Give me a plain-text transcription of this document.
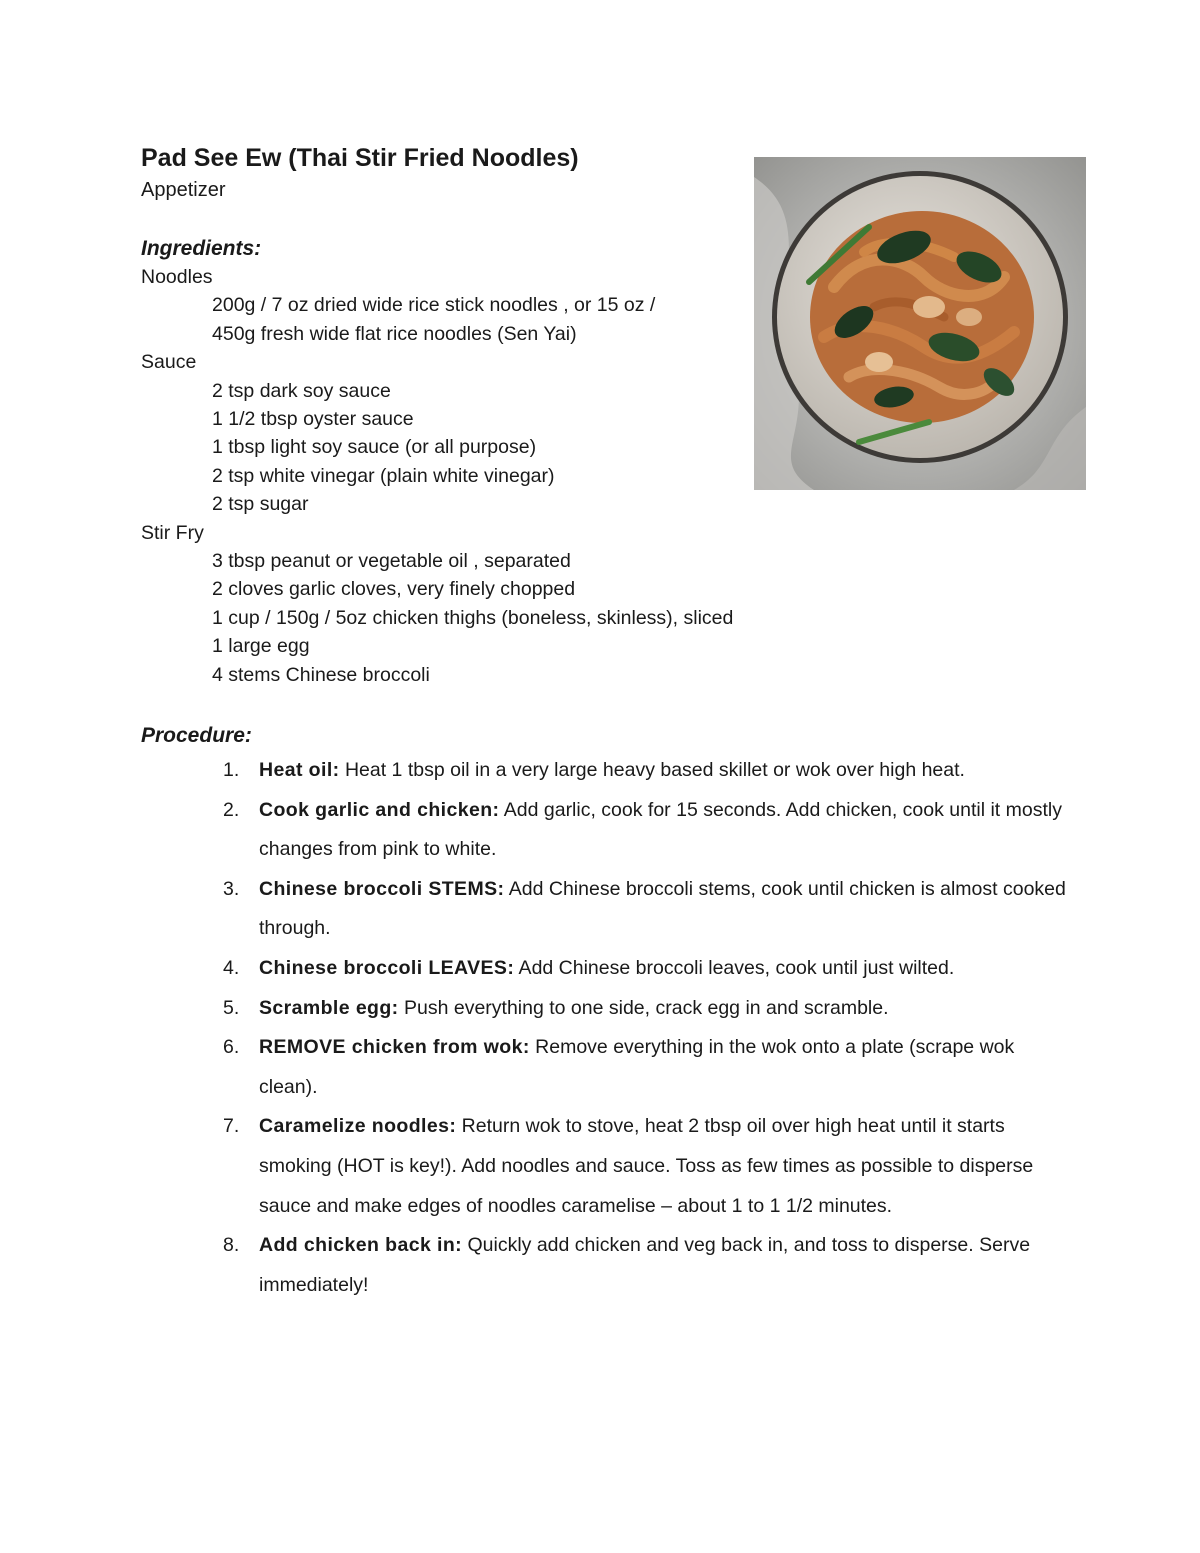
Pad See Ew (Thai Stir Fried Noodles)
Appetizer
Ingredients:
Noodles
200g / 7 oz dried wide rice stick noodles , or 15 oz /
450g fresh wide flat rice noodles (Sen Yai)
Sauce
2 tsp dark soy sauce
1 1/2 tbsp oyster sauce
1 tbsp light soy sauce (or all purpose)
2 tsp white vinegar (plain white vinegar)
2 tsp sugar
Stir Fry
3 tbsp peanut or vegetable oil , separated
2 cloves garlic cloves, very finely chopped
1 cup / 150g / 5oz chicken thighs (boneless, skinless), sliced
1 large egg
4 stems Chinese broccoli
Procedure:
1. Heat oil: Heat 1 tbsp oil in a very large heavy based skillet or wok over high heat.
2. Cook garlic and chicken: Add garlic, cook for 15 seconds. Add chicken, cook until it mostly changes from pink to white.
3. Chinese broccoli STEMS: Add Chinese broccoli stems, cook until chicken is almost cooked through.
4. Chinese broccoli LEAVES: Add Chinese broccoli leaves, cook until just wilted.
5. Scramble egg: Push everything to one side, crack egg in and scramble.
6. REMOVE chicken from wok: Remove everything in the wok onto a plate (scrape wok clean).
7. Caramelize noodles: Return wok to stove, heat 2 tbsp oil over high heat until it starts smoking (HOT is key!). Add noodles and sauce. Toss as few times as possible to disperse sauce and make edges of noodles caramelise – about 1 to 1 1/2 minutes.
8. Add chicken back in: Quickly add chicken and veg back in, and toss to disperse. Serve immediately!
